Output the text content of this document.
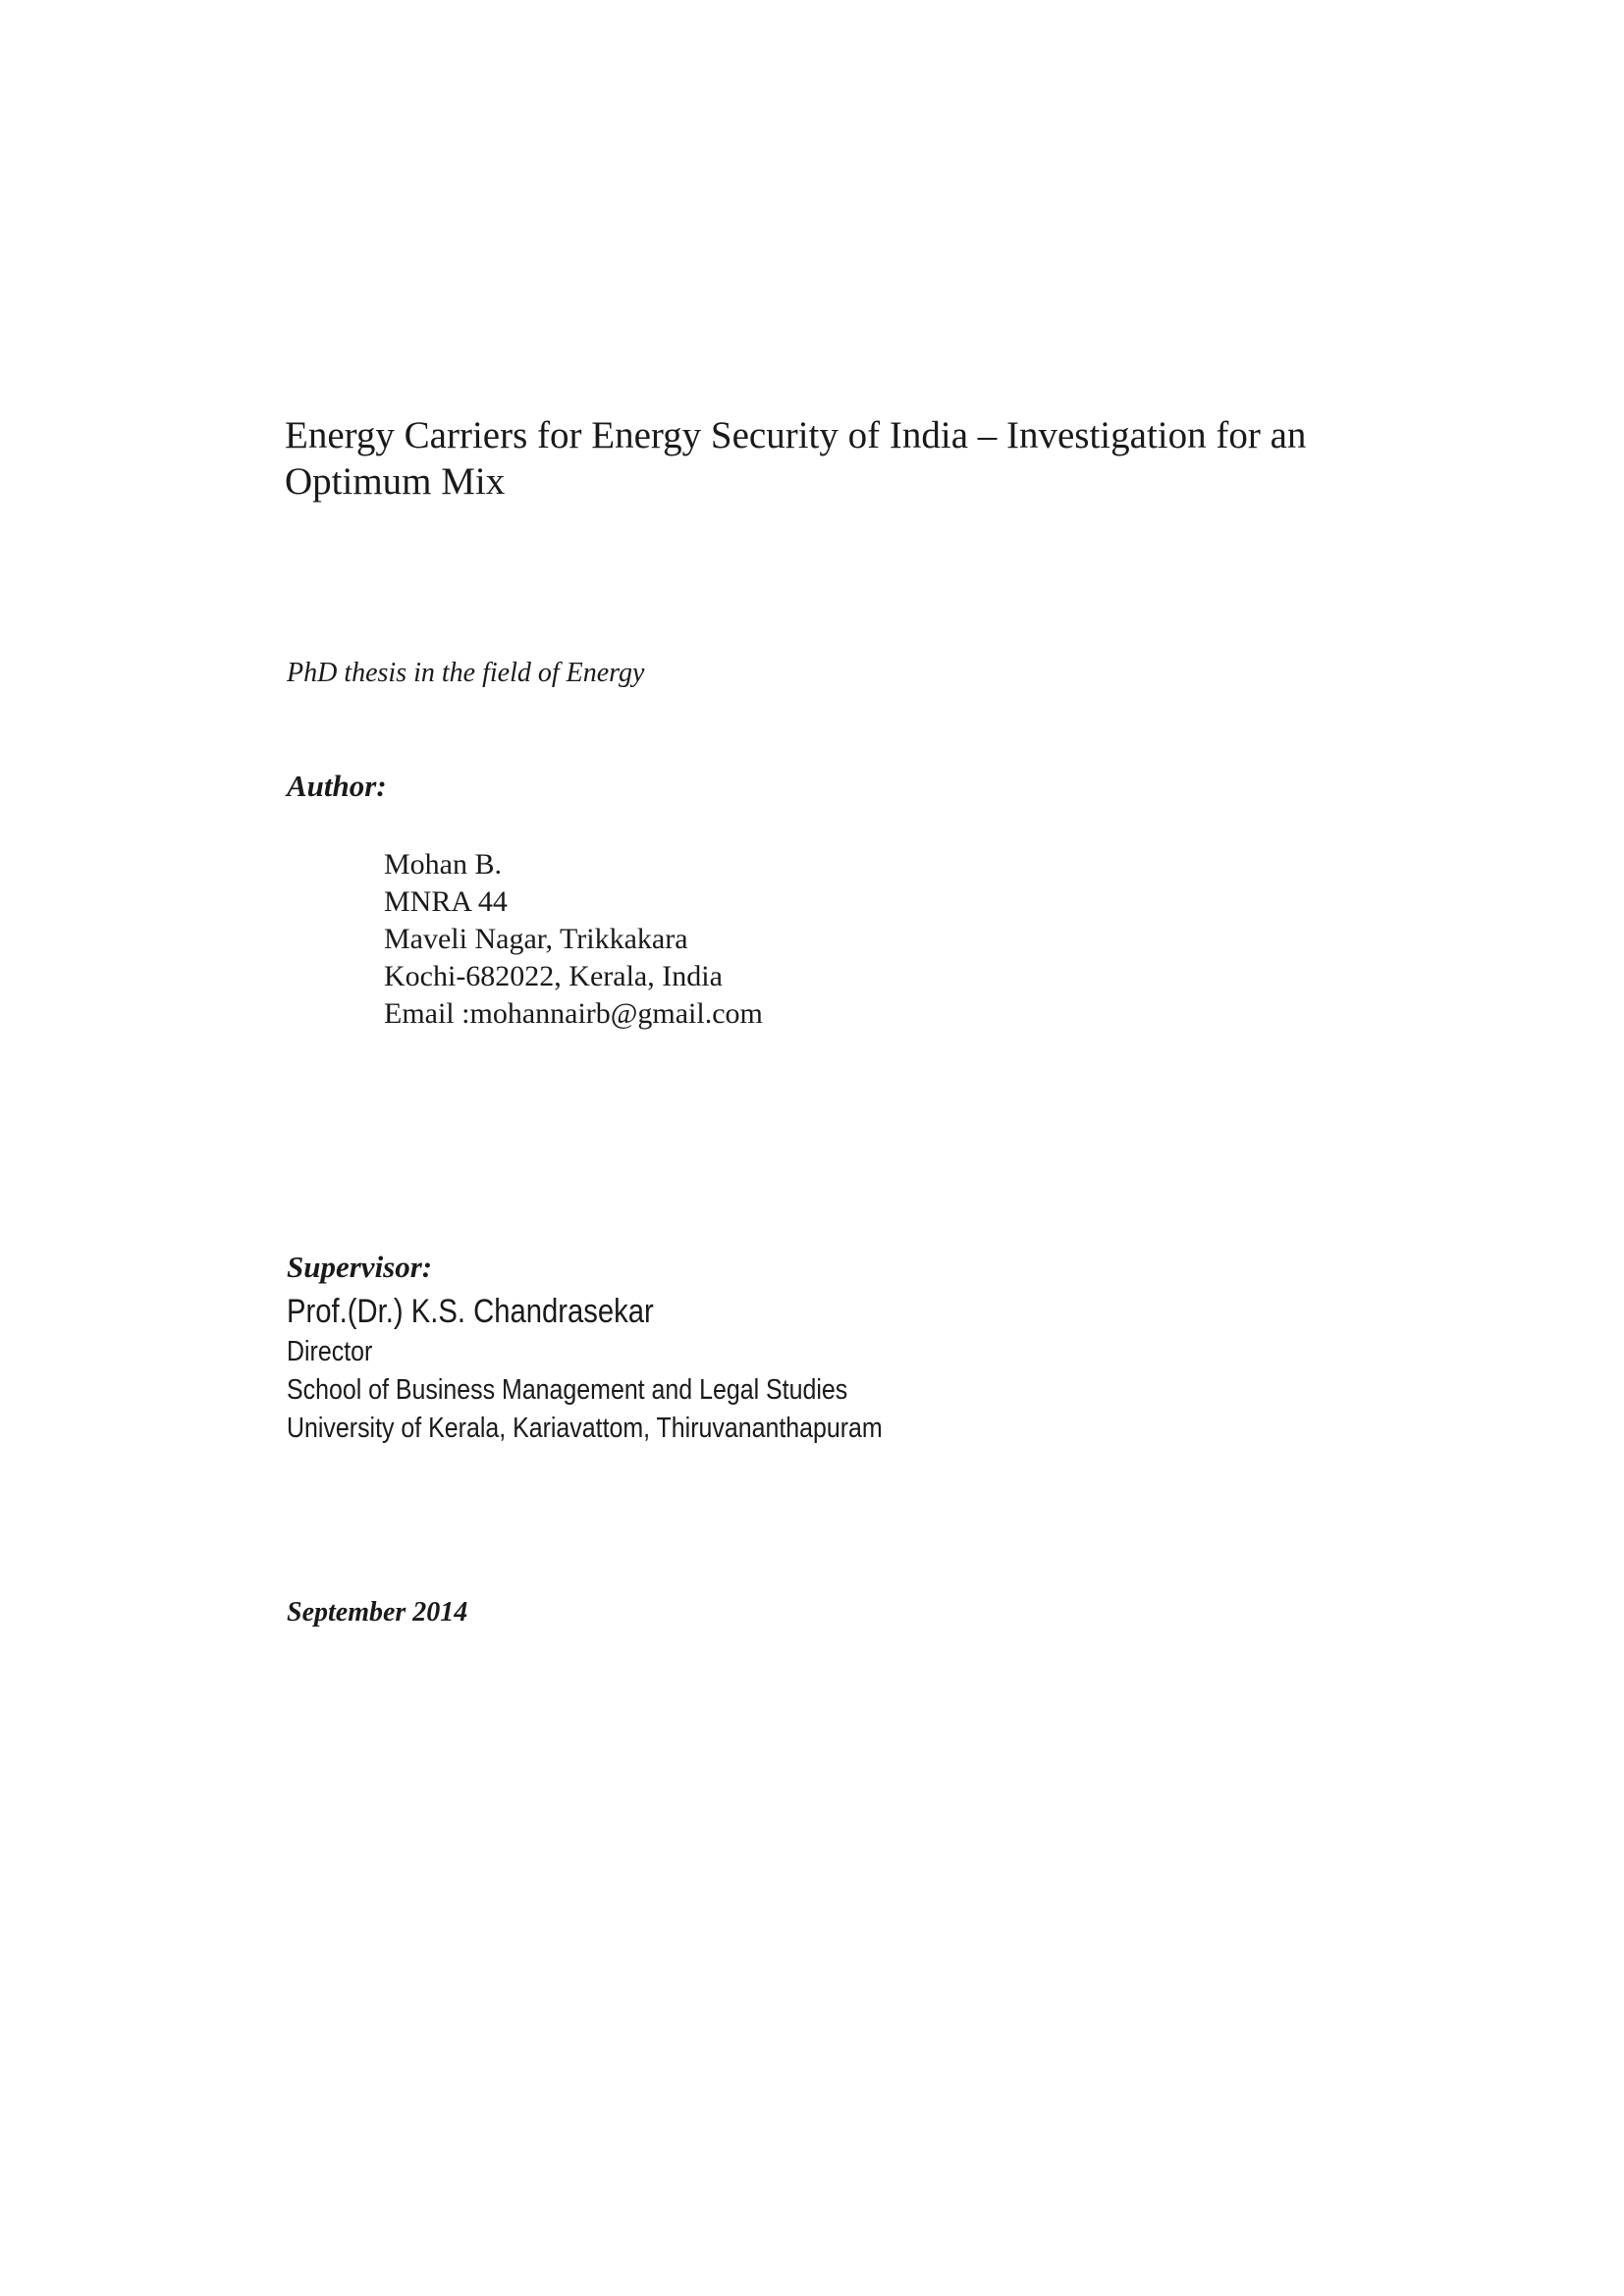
Energy Carriers for Energy Security of India – Investigation for an
Optimum Mix

PhD thesis in the field of Energy

Author:

Mohan B.
MNRA 44
Maveli Nagar, Trikkakara
Kochi-682022, Kerala, India
Email :mohannairb@gmail.com

Supervisor:

Prof.(Dr.) K.S. Chandrasekar
Director
School of Business Management and Legal Studies
University of Kerala, Kariavattom, Thiruvananthapuram

September 2014
